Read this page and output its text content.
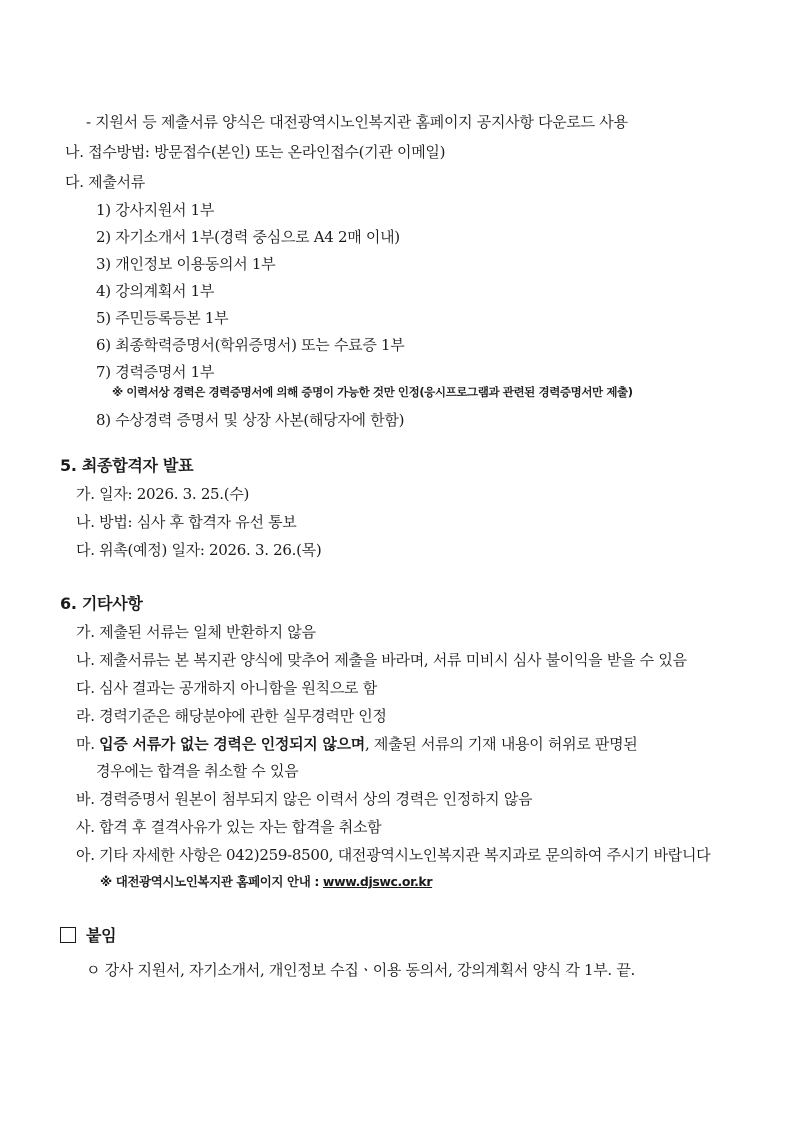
- 지원서 등 제출서류 양식은 대전광역시노인복지관 홈페이지 공지사항 다운로드 사용
나. 접수방법: 방문접수(본인) 또는 온라인접수(기관 이메일)
다. 제출서류
1) 강사지원서 1부
2) 자기소개서 1부(경력 중심으로 A4 2매 이내)
3) 개인정보 이용동의서 1부
4) 강의계획서 1부
5) 주민등록등본 1부
6) 최종학력증명서(학위증명서) 또는 수료증 1부
7) 경력증명서 1부
※ 이력서상 경력은 경력증명서에 의해 증명이 가능한 것만 인정(응시프로그램과 관련된 경력증명서만 제출)
8) 수상경력 증명서 및 상장 사본(해당자에 한함)
5. 최종합격자 발표
가. 일자: 2026. 3. 25.(수)
나. 방법: 심사 후 합격자 유선 통보
다. 위촉(예정) 일자: 2026. 3. 26.(목)
6. 기타사항
가. 제출된 서류는 일체 반환하지 않음
나. 제출서류는 본 복지관 양식에 맞추어 제출을 바라며, 서류 미비시 심사 불이익을 받을 수 있음
다. 심사 결과는 공개하지 아니함을 원칙으로 함
라. 경력기준은 해당분야에 관한 실무경력만 인정
마. 입증 서류가 없는 경력은 인정되지 않으며, 제출된 서류의 기재 내용이 허위로 판명된
경우에는 합격을 취소할 수 있음
바. 경력증명서 원본이 첨부되지 않은 이력서 상의 경력은 인정하지 않음
사. 합격 후 결격사유가 있는 자는 합격을 취소함
아. 기타 자세한 사항은 042)259-8500, 대전광역시노인복지관 복지과로 문의하여 주시기 바랍니다
※ 대전광역시노인복지관 홈페이지 안내 : www.djswc.or.kr
붙임
ㅇ 강사 지원서, 자기소개서, 개인정보 수집ㆍ이용 동의서, 강의계획서 양식 각 1부. 끝.
